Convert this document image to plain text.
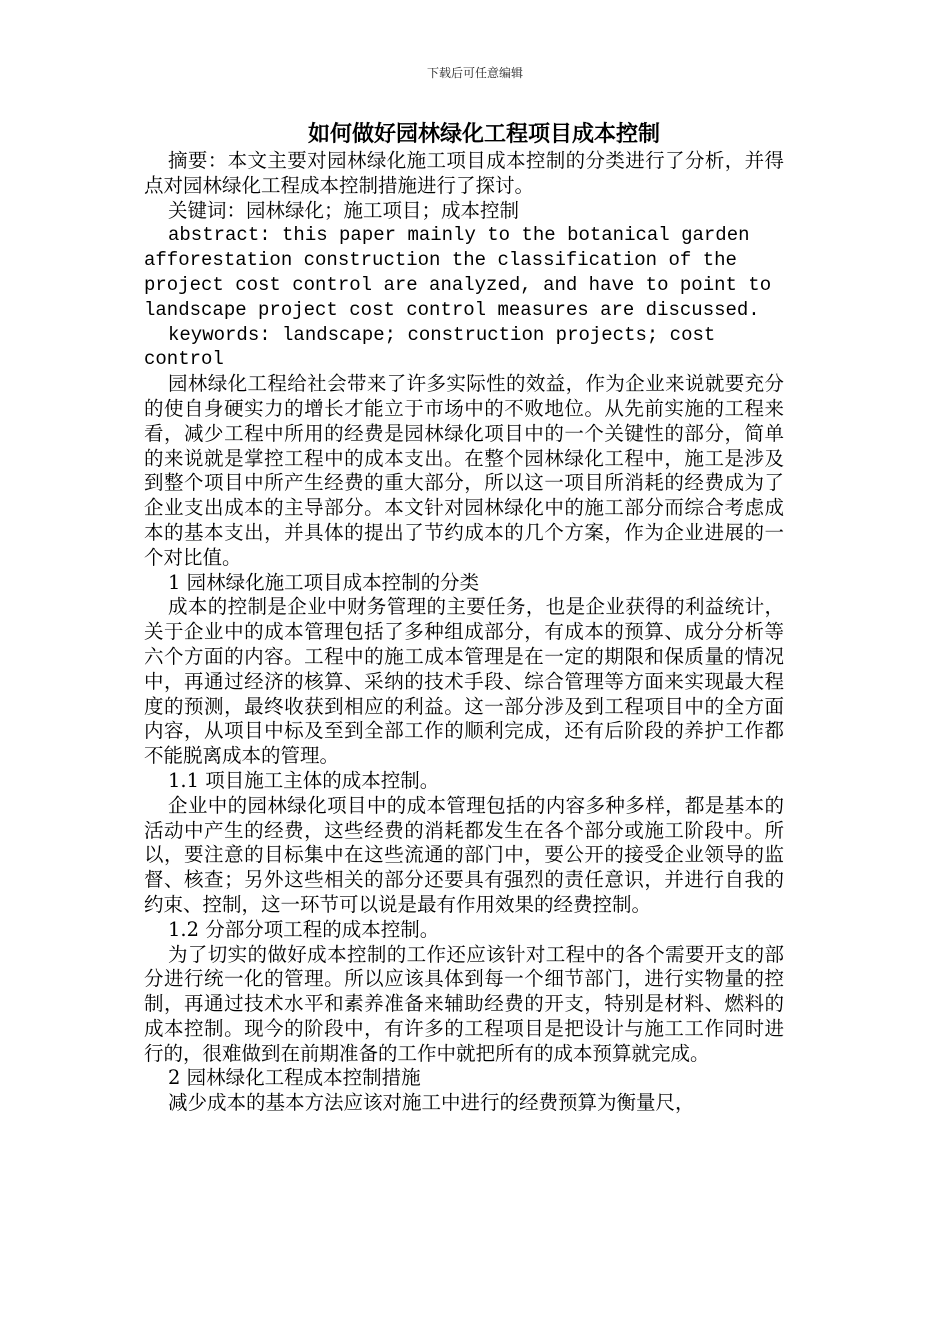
下载后可任意编辑
如何做好园林绿化工程项目成本控制

摘要：本文主要对园林绿化施工项目成本控制的分类进行了分析，并得点对园林绿化工程成本控制措施进行了探讨。

关键词：园林绿化；施工项目；成本控制

abstract: this paper mainly to the botanical garden afforestation construction the classification of the project cost control are analyzed, and have to point to landscape project cost control measures are discussed.

keywords: landscape; construction projects; cost control

园林绿化工程给社会带来了许多实际性的效益，作为企业来说就要充分的使自身硬实力的增长才能立于市场中的不败地位。从先前实施的工程来看，减少工程中所用的经费是园林绿化项目中的一个关键性的部分，简单的来说就是掌控工程中的成本支出。在整个园林绿化工程中，施工是涉及到整个项目中所产生经费的重大部分，所以这一项目所消耗的经费成为了企业支出成本的主导部分。本文针对园林绿化中的施工部分而综合考虑成本的基本支出，并具体的提出了节约成本的几个方案，作为企业进展的一个对比值。

1 园林绿化施工项目成本控制的分类

成本的控制是企业中财务管理的主要任务，也是企业获得的利益统计，关于企业中的成本管理包括了多种组成部分，有成本的预算、成分分析等六个方面的内容。工程中的施工成本管理是在一定的期限和保质量的情况中，再通过经济的核算、采纳的技术手段、综合管理等方面来实现最大程度的预测，最终收获到相应的利益。这一部分涉及到工程项目中的全方面内容，从项目中标及至到全部工作的顺利完成，还有后阶段的养护工作都不能脱离成本的管理。

1.1 项目施工主体的成本控制。

企业中的园林绿化项目中的成本管理包括的内容多种多样，都是基本的活动中产生的经费，这些经费的消耗都发生在各个部分或施工阶段中。所以，要注意的目标集中在这些流通的部门中，要公开的接受企业领导的监督、核查；另外这些相关的部分还要具有强烈的责任意识，并进行自我的约束、控制，这一环节可以说是最有作用效果的经费控制。

1.2 分部分项工程的成本控制。

为了切实的做好成本控制的工作还应该针对工程中的各个需要开支的部分进行统一化的管理。所以应该具体到每一个细节部门，进行实物量的控制，再通过技术水平和素养准备来辅助经费的开支，特别是材料、燃料的成本控制。现今的阶段中，有许多的工程项目是把设计与施工工作同时进行的，很难做到在前期准备的工作中就把所有的成本预算就完成。

2 园林绿化工程成本控制措施

减少成本的基本方法应该对施工中进行的经费预算为衡量尺，
